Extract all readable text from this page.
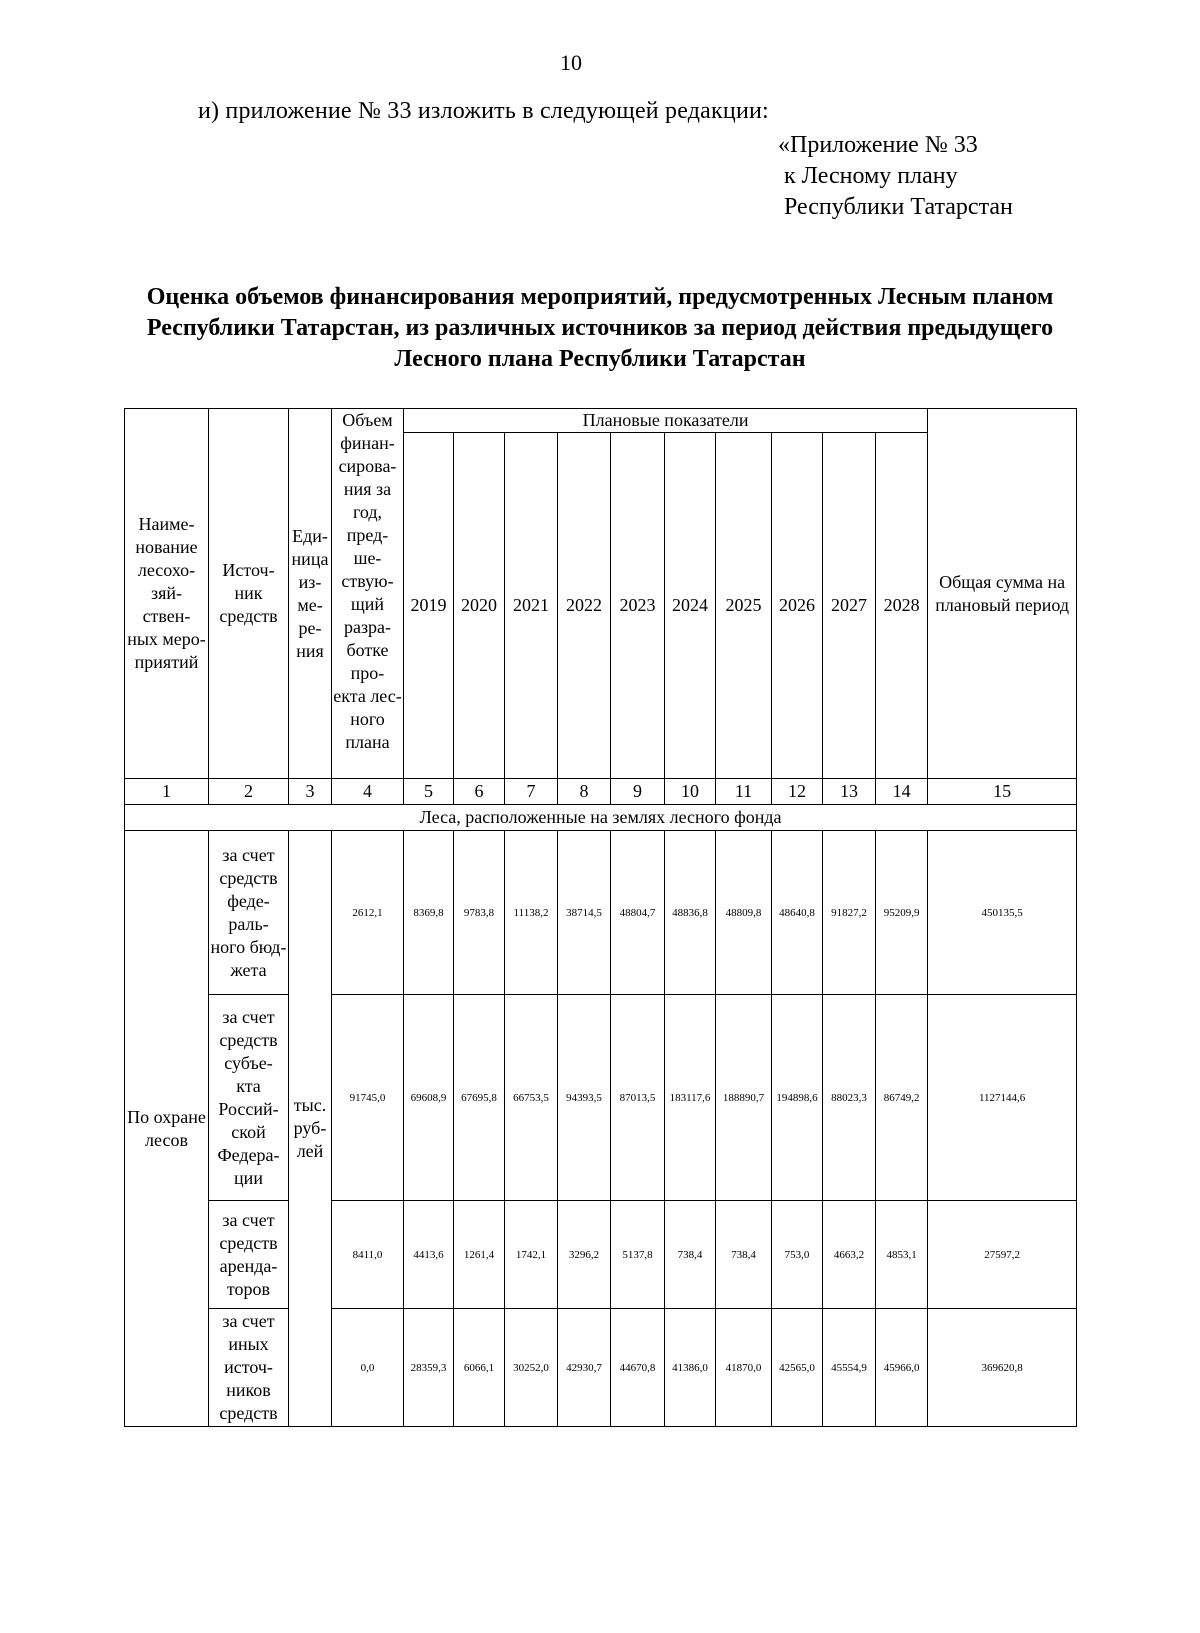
10
и) приложение № 33 изложить в следующей редакции:
«Приложение № 33
к Лесному плану
Республики Татарстан
Оценка объемов финансирования мероприятий, предусмотренных Лесным планом Республики Татарстан, из различных источников за период действия предыдущего Лесного плана Республики Татарстан
Наиме- нование лесохо- зяй- ствен- ных меро- приятий	Источ- ник средств	Еди- ница из- ме- ре- ния	Объем финан- сирова- ния за год, пред- ше- ствую- щий разра- ботке про- екта лес- ного плана	Плановые показатели										Общая сумма на плановый период
				2019	2020	2021	2022	2023	2024	2025	2026	2027	2028	
1	2	3	4	5	6	7	8	9	10	11	12	13	14	15
Леса, расположенные на землях лесного фонда														
По охране лесов	за счет средств феде- раль- ного бюд- жета	тыс. руб- лей	2612,1	8369,8	9783,8	11138,2	38714,5	48804,7	48836,8	48809,8	48640,8	91827,2	95209,9	450135,5
	за счет средств субъе- кта Россий- ской Федера- ции		91745,0	69608,9	67695,8	66753,5	94393,5	87013,5	183117,6	188890,7	194898,6	88023,3	86749,2	1127144,6
	за счет средств арендa- торов		8411,0	4413,6	1261,4	1742,1	3296,2	5137,8	738,4	738,4	753,0	4663,2	4853,1	27597,2
	за счет иных источ- ников средств		0,0	28359,3	6066,1	30252,0	42930,7	44670,8	41386,0	41870,0	42565,0	45554,9	45966,0	369620,8
